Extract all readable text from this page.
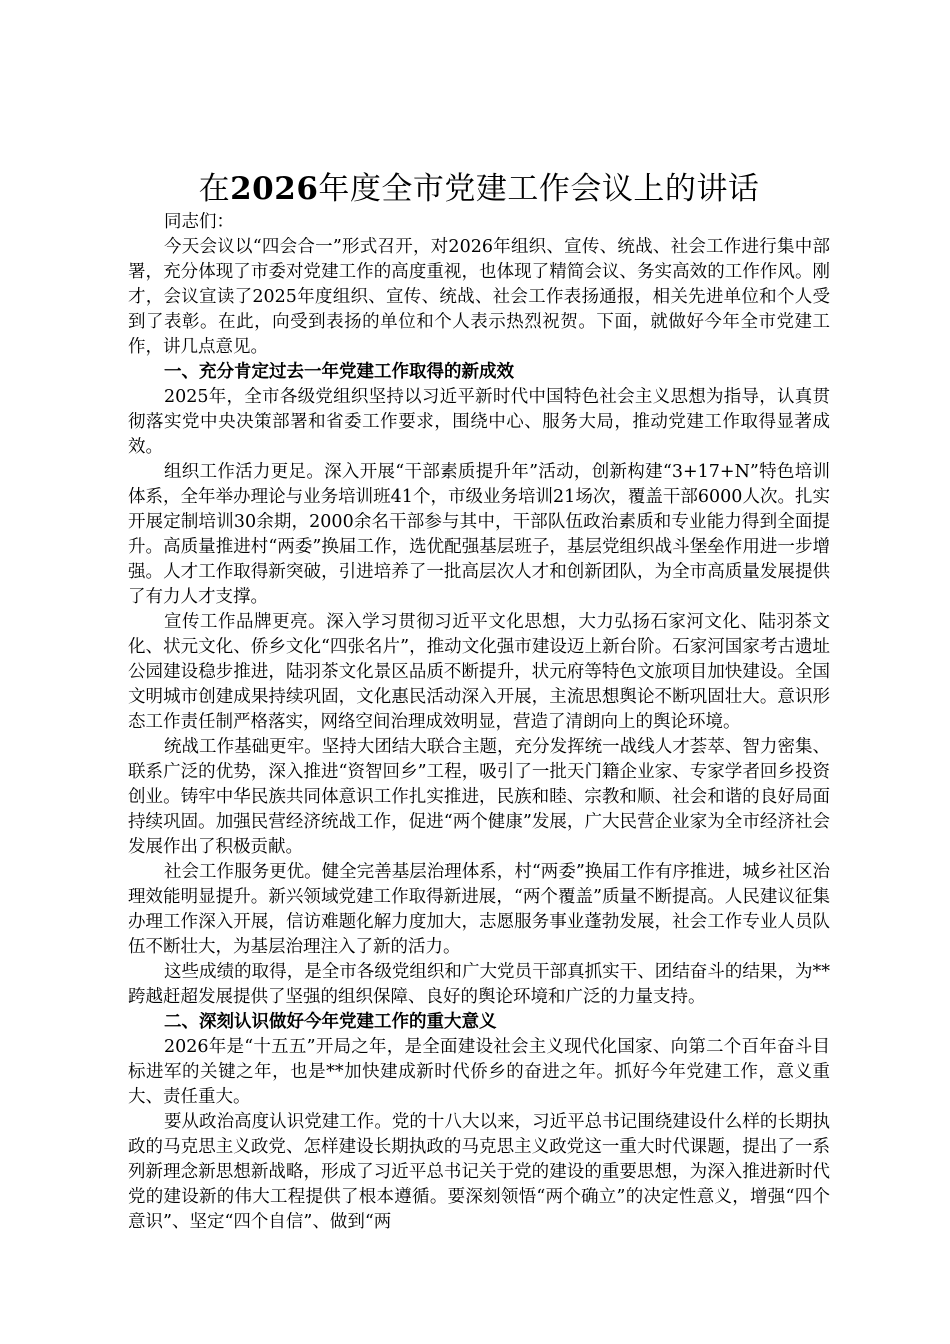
在2026年度全市党建工作会议上的讲话
同志们：

今天会议以“四会合一”形式召开，对2026年组织、宣传、统战、社会工作进行集中部署，充分体现了市委对党建工作的高度重视，也体现了精简会议、务实高效的工作作风。刚才，会议宣读了2025年度组织、宣传、统战、社会工作表扬通报，相关先进单位和个人受到了表彰。在此，向受到表扬的单位和个人表示热烈祝贺。下面，就做好今年全市党建工作，讲几点意见。

一、充分肯定过去一年党建工作取得的新成效

2025年，全市各级党组织坚持以习近平新时代中国特色社会主义思想为指导，认真贯彻落实党中央决策部署和省委工作要求，围绕中心、服务大局，推动党建工作取得显著成效。

组织工作活力更足。深入开展“干部素质提升年”活动，创新构建“3+17+N”特色培训体系，全年举办理论与业务培训班41个，市级业务培训21场次，覆盖干部6000人次。扎实开展定制培训30余期，2000余名干部参与其中，干部队伍政治素质和专业能力得到全面提升。高质量推进村“两委”换届工作，选优配强基层班子，基层党组织战斗堡垒作用进一步增强。人才工作取得新突破，引进培养了一批高层次人才和创新团队，为全市高质量发展提供了有力人才支撑。

宣传工作品牌更亮。深入学习贯彻习近平文化思想，大力弘扬石家河文化、陆羽茶文化、状元文化、侨乡文化“四张名片”，推动文化强市建设迈上新台阶。石家河国家考古遗址公园建设稳步推进，陆羽茶文化景区品质不断提升，状元府等特色文旅项目加快建设。全国文明城市创建成果持续巩固，文化惠民活动深入开展，主流思想舆论不断巩固壮大。意识形态工作责任制严格落实，网络空间治理成效明显，营造了清朗向上的舆论环境。

统战工作基础更牢。坚持大团结大联合主题，充分发挥统一战线人才荟萃、智力密集、联系广泛的优势，深入推进“资智回乡”工程，吸引了一批天门籍企业家、专家学者回乡投资创业。铸牢中华民族共同体意识工作扎实推进，民族和睦、宗教和顺、社会和谐的良好局面持续巩固。加强民营经济统战工作，促进“两个健康”发展，广大民营企业家为全市经济社会发展作出了积极贡献。

社会工作服务更优。健全完善基层治理体系，村“两委”换届工作有序推进，城乡社区治理效能明显提升。新兴领域党建工作取得新进展，“两个覆盖”质量不断提高。人民建议征集办理工作深入开展，信访难题化解力度加大，志愿服务事业蓬勃发展，社会工作专业人员队伍不断壮大，为基层治理注入了新的活力。

这些成绩的取得，是全市各级党组织和广大党员干部真抓实干、团结奋斗的结果，为**跨越赶超发展提供了坚强的组织保障、良好的舆论环境和广泛的力量支持。

二、深刻认识做好今年党建工作的重大意义

2026年是“十五五”开局之年，是全面建设社会主义现代化国家、向第二个百年奋斗目标进军的关键之年，也是**加快建成新时代侨乡的奋进之年。抓好今年党建工作，意义重大、责任重大。

要从政治高度认识党建工作。党的十八大以来，习近平总书记围绕建设什么样的长期执政的马克思主义政党、怎样建设长期执政的马克思主义政党这一重大时代课题，提出了一系列新理念新思想新战略，形成了习近平总书记关于党的建设的重要思想，为深入推进新时代党的建设新的伟大工程提供了根本遵循。要深刻领悟“两个确立”的决定性意义，增强“四个意识”、坚定“四个自信”、做到“两
